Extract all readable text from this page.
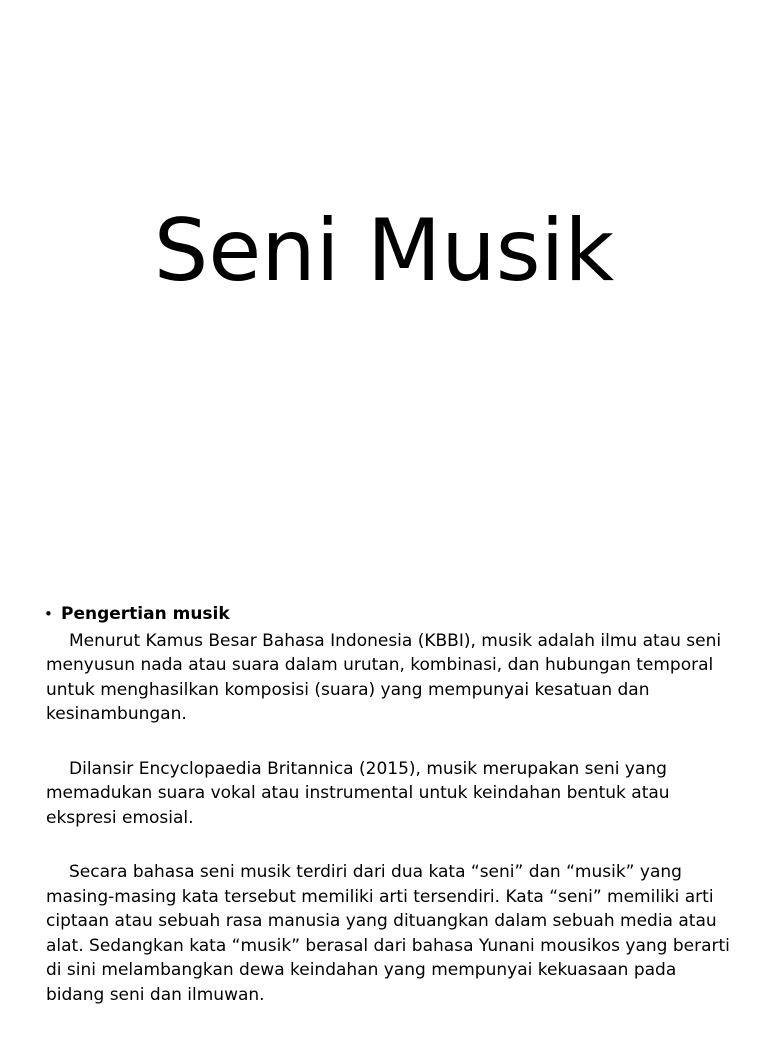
Seni Musik
• Pengertian musik

Menurut Kamus Besar Bahasa Indonesia (KBBI), musik adalah ilmu atau seni menyusun nada atau suara dalam urutan, kombinasi, dan hubungan temporal untuk menghasilkan komposisi (suara) yang mempunyai kesatuan dan kesinambungan.

Dilansir Encyclopaedia Britannica (2015), musik merupakan seni yang memadukan suara vokal atau instrumental untuk keindahan bentuk atau ekspresi emosial.

Secara bahasa seni musik terdiri dari dua kata “seni” dan “musik” yang masing-masing kata tersebut memiliki arti tersendiri. Kata “seni” memiliki arti ciptaan atau sebuah rasa manusia yang dituangkan dalam sebuah media atau alat. Sedangkan kata “musik” berasal dari bahasa Yunani mousikos yang berarti di sini melambangkan dewa keindahan yang mempunyai kekuasaan pada bidang seni dan ilmuwan.
